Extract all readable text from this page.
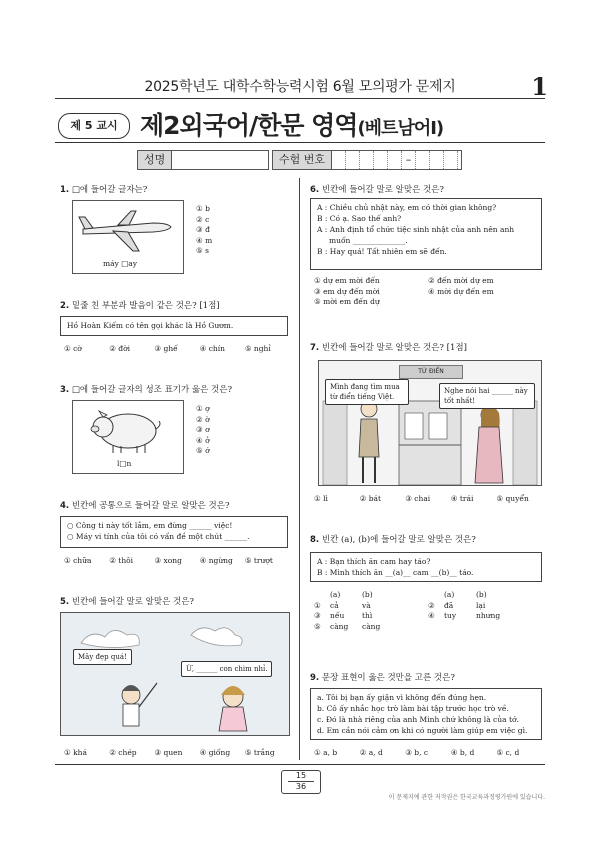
2025학년도 대학수학능력시험 6월 모의평가 문제지	1
제 5 교시 제2외국어/한문 영역(베트남어Ⅰ)
성명	수험 번호	–
1. □에 들어갈 글자는?
máy □ay
① b
② c
③ đ
④ m
⑤ s
2. 밑줄 친 부분과 발음이 같은 것은? [1점]
Hồ Hoàn Kiếm có tên gọi khác là Hồ Gươm.
① cờ	② đời	③ ghế	④ chín	⑤ nghỉ
3. □에 들어갈 글자의 성조 표기가 옳은 것은?
l□n
① ợ
② ờ
③ ơ
④ ở
⑤ ớ
4. 빈칸에 공통으로 들어갈 말로 알맞은 것은?
○ Công ti này tốt lắm, em đừng ______ việc!
○ Máy vi tính của tôi có vấn đề một chút ______.
① chữa	② thôi	③ xong	④ ngừng	⑤ trượt
5. 빈칸에 들어갈 말로 알맞은 것은?
Mây đẹp quá!
Ừ, ______ con chim nhỉ.
① khá	② chép	③ quen	④ giống	⑤ trắng
6. 빈칸에 들어갈 말로 알맞은 것은?
A : Chiều chủ nhật này, em có thời gian không?
B : Có ạ. Sao thế anh?
A : Anh định tổ chức tiệc sinh nhật của anh nên anh
muốn ______________.
B : Hay quá! Tất nhiên em sẽ đến.
① dự em mời đến	② đến mời dự em
③ em dự đến mời	④ mời dự đến em
⑤ mời em đến dự
7. 빈칸에 들어갈 말로 알맞은 것은? [1점]
TỪ ĐIỂN
Mình đang tìm mua từ điển tiếng Việt.
Nghe nói hai ______ này tốt nhất!
① lì	② bát	③ chai	④ trái	⑤ quyển
8. 빈칸 (a), (b)에 들어갈 말로 알맞은 것은?
A : Bạn thích ăn cam hay táo?
B : Mình thích ăn __(a)__ cam __(b)__ táo.
(a)	(b)	(a)	(b)
①	cả	và	②	đã	lại
③	nếu	thì	④	tuy	nhưng
⑤	càng	càng
9. 문장 표현이 옳은 것만을 고른 것은?
a. Tôi bị bạn ấy giận vì không đến đúng hẹn.
b. Cô ấy nhắc học trò làm bài tập trước học trò về.
c. Đó là nhà riêng của anh Minh chứ không là của tớ.
d. Em cần nói cảm ơn khi có người làm giúp em việc gì.
① a, b	② a, d	③ b, c	④ b, d	⑤ c, d
15
36
이 문제지에 관한 저작권은 한국교육과정평가원에 있습니다.
